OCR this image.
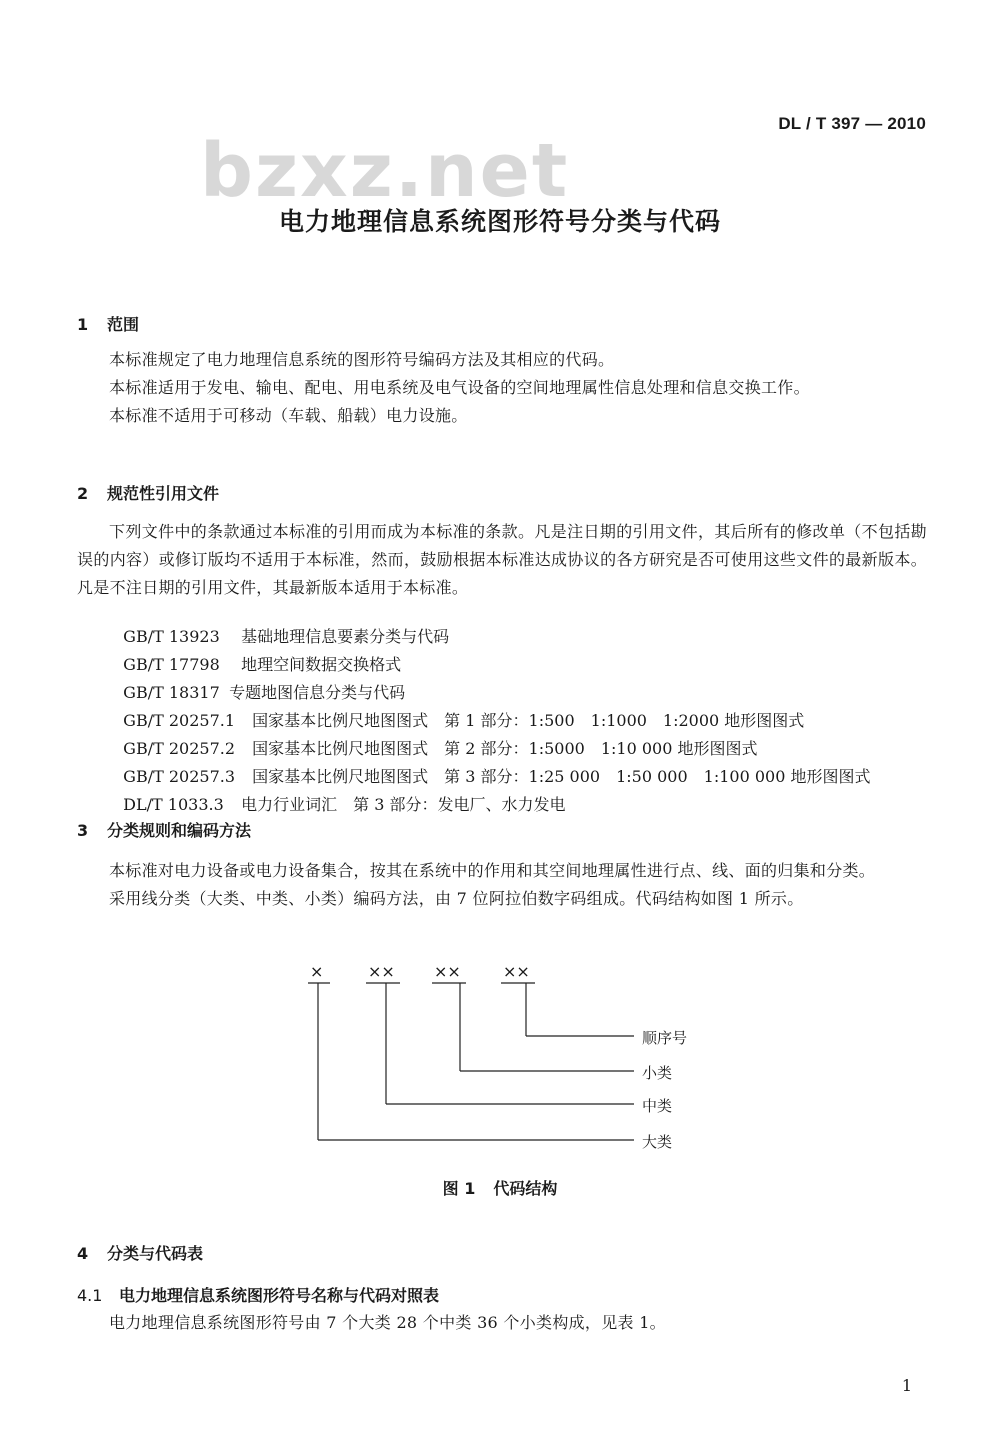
DL / T 397 — 2010
bzxz.net
电力地理信息系统图形符号分类与代码
1 范围
本标准规定了电力地理信息系统的图形符号编码方法及其相应的代码。
本标准适用于发电、输电、配电、用电系统及电气设备的空间地理属性信息处理和信息交换工作。
本标准不适用于可移动（车载、船载）电力设施。
2 规范性引用文件
下列文件中的条款通过本标准的引用而成为本标准的条款。凡是注日期的引用文件，其后所有的修改单（不包括勘误的内容）或修订版均不适用于本标准，然而，鼓励根据本标准达成协议的各方研究是否可使用这些文件的最新版本。凡是不注日期的引用文件，其最新版本适用于本标准。

GB/T 13923 基础地理信息要素分类与代码

GB/T 17798 地理空间数据交换格式

GB/T 18317 专题地图信息分类与代码

GB/T 20257.1 国家基本比例尺地图图式　第 1 部分：1:500　1:1000　1:2000 地形图图式

GB/T 20257.2 国家基本比例尺地图图式　第 2 部分：1:5000　1:10 000 地形图图式

GB/T 20257.3 国家基本比例尺地图图式　第 3 部分：1:25 000　1:50 000　1:100 000 地形图图式

DL/T 1033.3 电力行业词汇　第 3 部分：发电厂、水力发电

3 分类规则和编码方法
本标准对电力设备或电力设备集合，按其在系统中的作用和其空间地理属性进行点、线、面的归集和分类。
采用线分类（大类、中类、小类）编码方法，由 7 位阿拉伯数字码组成。代码结构如图 1 所示。
×	×× ××	××
顺序号
小类
中类
大类
图 1 代码结构
4 分类与代码表
4.1 电力地理信息系统图形符号名称与代码对照表
电力地理信息系统图形符号由 7 个大类 28 个中类 36 个小类构成，见表 1。
1
